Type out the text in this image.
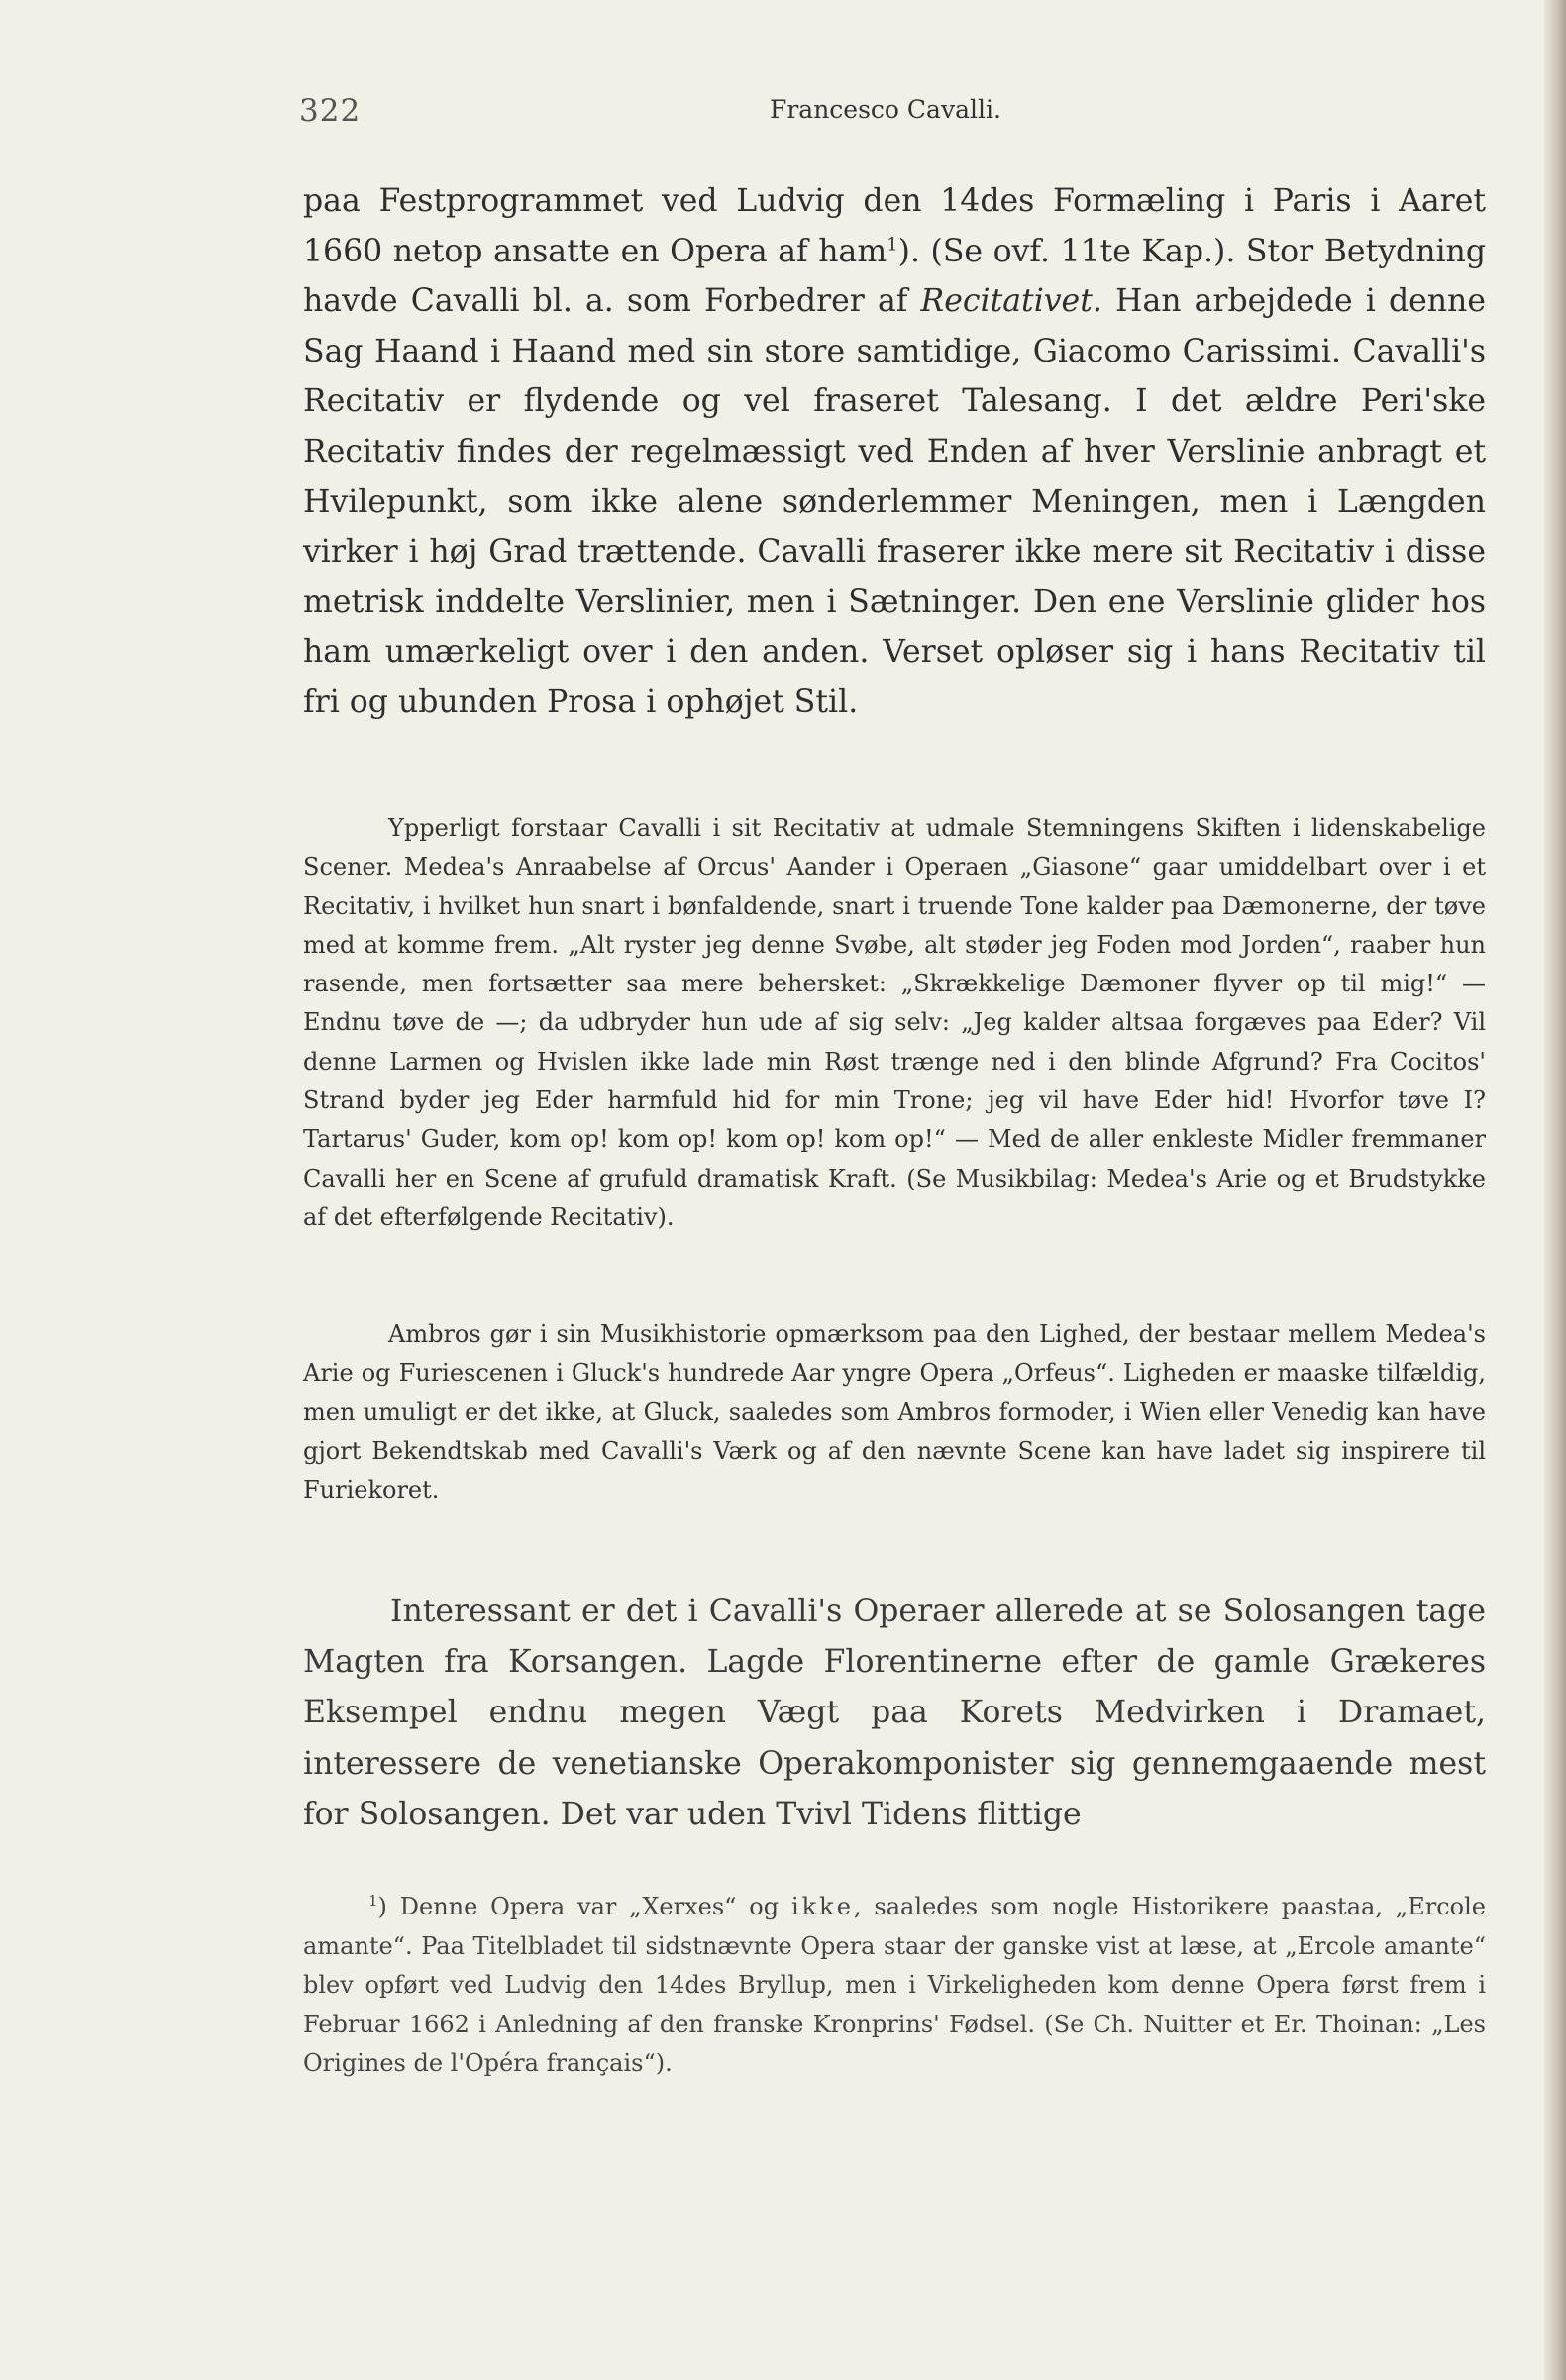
322	Francesco Cavalli.

paa Festprogrammet ved Ludvig den 14des Formæling i Paris i Aaret 1660 netop ansatte en Opera af ham$^1$). (Se ovf. 11te Kap.). Stor Betydning havde Cavalli bl. a. som Forbedrer af Recitativet. Han arbejdede i denne Sag Haand i Haand med sin store samtidige, Giacomo Carissimi. Cavalli's Recitativ er flydende og vel fraseret Talesang. I det ældre Peri'ske Recitativ findes der regelmæssigt ved Enden af hver Verslinie anbragt et Hvilepunkt, som ikke alene sønderlemmer Meningen, men i Længden virker i høj Grad trættende. Cavalli fraserer ikke mere sit Recitativ i disse metrisk inddelte Verslinier, men i Sætninger. Den ene Verslinie glider hos ham umærkeligt over i den anden. Verset opløser sig i hans Recitativ til fri og ubunden Prosa i ophøjet Stil.

Ypperligt forstaar Cavalli i sit Recitativ at udmale Stemningens Skiften i lidenskabelige Scener. Medea's Anraabelse af Orcus' Aander i Operaen „Giasone“ gaar umiddelbart over i et Recitativ, i hvilket hun snart i bønfaldende, snart i truende Tone kalder paa Dæmonerne, der tøve med at komme frem. „Alt ryster jeg denne Svøbe, alt støder jeg Foden mod Jorden“, raaber hun rasende, men fortsætter saa mere behersket: „Skrækkelige Dæmoner flyver op til mig!“ — Endnu tøve de —; da udbryder hun ude af sig selv: „Jeg kalder altsaa forgæves paa Eder? Vil denne Larmen og Hvislen ikke lade min Røst trænge ned i den blinde Afgrund? Fra Cocitos' Strand byder jeg Eder harmfuld hid for min Trone; jeg vil have Eder hid! Hvorfor tøve I? Tartarus' Guder, kom op! kom op! kom op! kom op!“ — Med de aller enkleste Midler fremmaner Cavalli her en Scene af grufuld dramatisk Kraft. (Se Musikbilag: Medea's Arie og et Brudstykke af det efterfølgende Recitativ).

Ambros gør i sin Musikhistorie opmærksom paa den Lighed, der bestaar mellem Medea's Arie og Furiescenen i Gluck's hundrede Aar yngre Opera „Orfeus“. Ligheden er maaske tilfældig, men umuligt er det ikke, at Gluck, saaledes som Ambros formoder, i Wien eller Venedig kan have gjort Bekendtskab med Cavalli's Værk og af den nævnte Scene kan have ladet sig inspirere til Furiekoret.

Interessant er det i Cavalli's Operaer allerede at se Solosangen tage Magten fra Korsangen. Lagde Florentinerne efter de gamle Grækeres Eksempel endnu megen Vægt paa Korets Medvirken i Dramaet, interessere de venetianske Operakomponister sig gennemgaaende mest for Solosangen. Det var uden Tvivl Tidens flittige

$^1$) Denne Opera var „Xerxes“ og ikke, saaledes som nogle Historikere paastaa, „Ercole amante“. Paa Titelbladet til sidstnævnte Opera staar der ganske vist at læse, at „Ercole amante“ blev opført ved Ludvig den 14des Bryllup, men i Virkeligheden kom denne Opera først frem i Februar 1662 i Anledning af den franske Kronprins' Fødsel. (Se Ch. Nuitter et Er. Thoinan: „Les Origines de l'Opéra français“).
